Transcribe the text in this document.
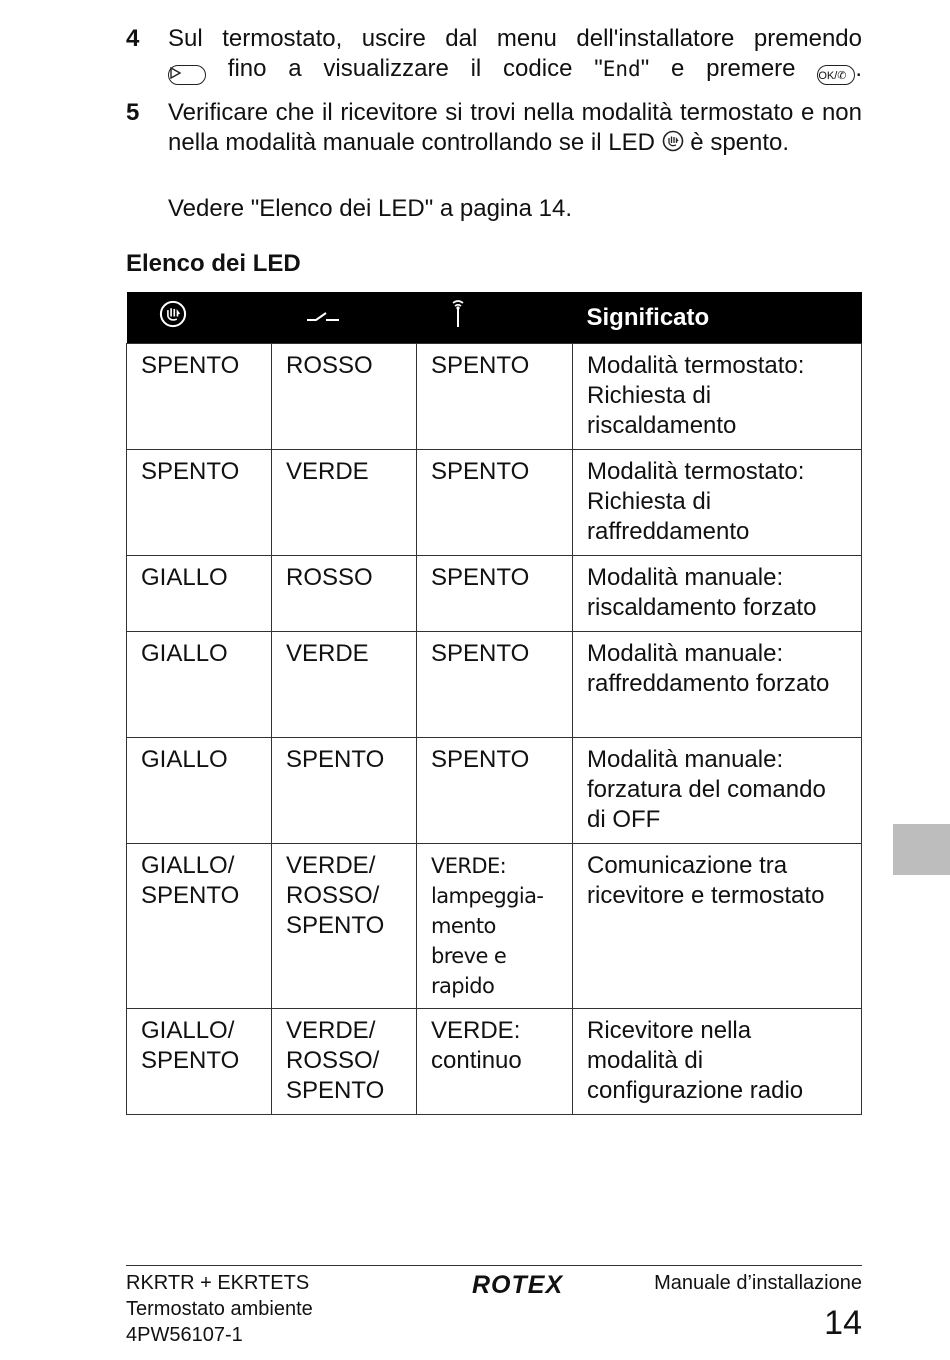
4 Sul termostato, uscire dal menu dell'installatore premendo
fino a visualizzare il codice "End" e premere OK/✆ .
5 Verificare che il ricevitore si trovi nella modalità termostato e non nella modalità manuale controllando se il LED è spento.
Vedere "Elenco dei LED" a pagina 14.
Elenco dei LED
			Significato
SPENTO	ROSSO	SPENTO	Modalità termostato: Richiesta di riscaldamento
SPENTO	VERDE	SPENTO	Modalità termostato: Richiesta di raffreddamento
GIALLO	ROSSO	SPENTO	Modalità manuale: riscaldamento forzato
GIALLO	VERDE	SPENTO	Modalità manuale: raffreddamento forzato
GIALLO	SPENTO	SPENTO	Modalità manuale: forzatura del comando di OFF
GIALLO/ SPENTO	VERDE/ ROSSO/ SPENTO	VERDE: lampeggia-mento breve e rapido	Comunicazione tra ricevitore e termostato
GIALLO/ SPENTO	VERDE/ ROSSO/ SPENTO	VERDE: continuo	Ricevitore nella modalità di configurazione radio
RKRTR + EKRTETS
Termostato ambiente
4PW56107-1
ROTEX	Manuale d’installazione
14
